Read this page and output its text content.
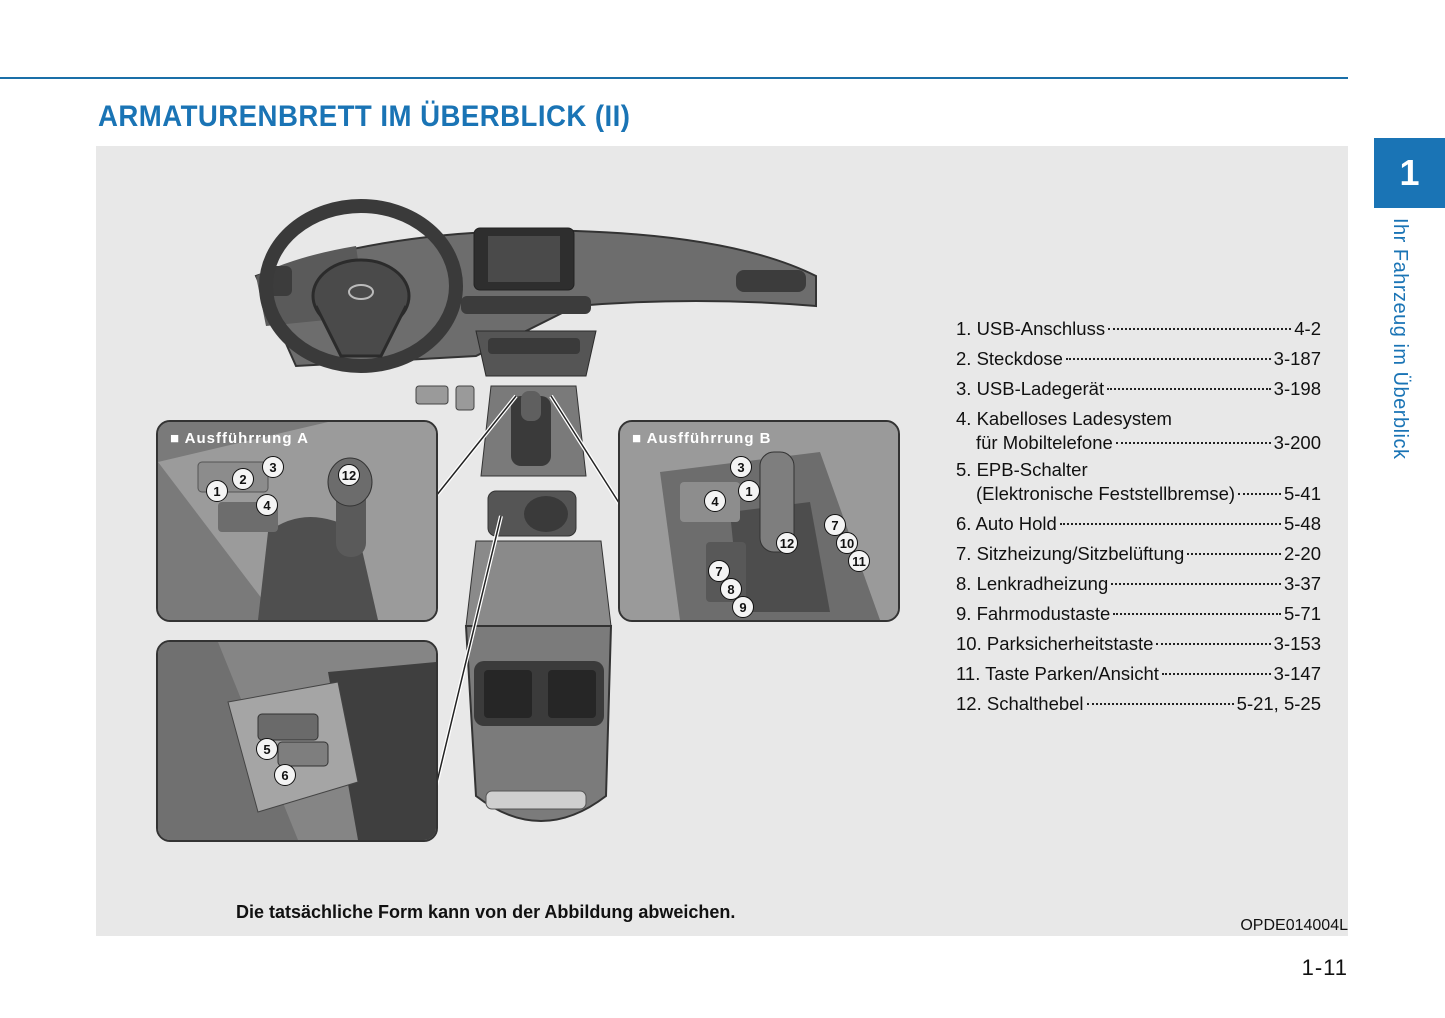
ARMATURENBRETT IM ÜBERBLICK (II)
1
Ihr Fahrzeug im Überblick
■ Ausfführrung A
1
2
3
4
12
■ Ausfführrung B
3
1
4
7
12	10
11
7
8
9
5
6
1. USB-Anschluss	4-2
2. Steckdose	3-187
3. USB-Ladegerät	3-198
4. Kabelloses Ladesystem
für Mobiltelefone	3-200
5. EPB-Schalter
(Elektronische Feststellbremse)	5-41
6. Auto Hold	5-48
7. Sitzheizung/Sitzbelüftung	2-20
8. Lenkradheizung	3-37
9. Fahrmodustaste	5-71
10. Parksicherheitstaste	3-153
11. Taste Parken/Ansicht	3-147
12. Schalthebel	5-21, 5-25
Die tatsächliche Form kann von der Abbildung abweichen.
OPDE014004L
1-11
